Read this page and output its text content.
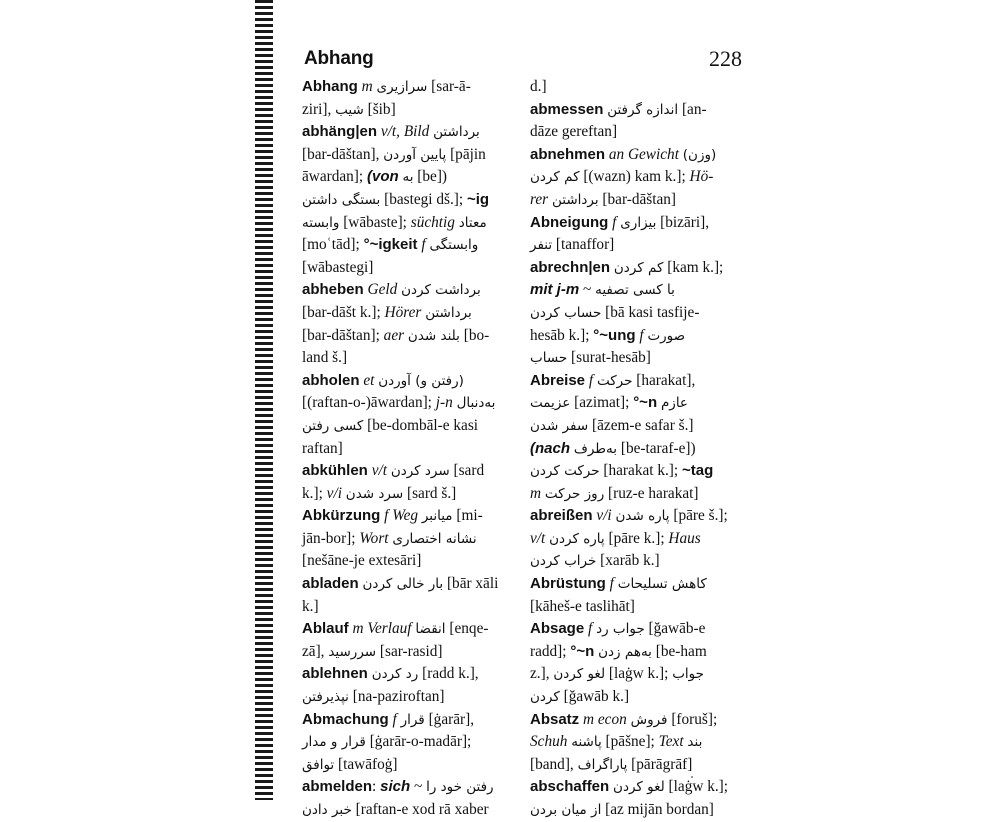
Abhang	228
Abhang m سرازیری [sar-ā-
ziri], شیب [šib]
abhäng|en v/t, Bild برداشتن
[bar-dāštan], پایین آوردن [pājin
āwardan]; (von به [be])
بستگی داشتن [bastegi dš.]; ~ig
وابسته [wābaste]; süchtig معتاد
[moʿtād]; °~igkeit f وابستگی
[wābastegi]
abheben Geld برداشت کردن
[bar-dāšt k.]; Hörer برداشتن
[bar-dāštan]; aer بلند شدن [bo-
land š.]
abholen et (رفتن و) آوردن
[(raftan-o-)āwardan]; j-n به‌دنبال
کسی رفتن [be-dombāl-e kasi
raftan]
abkühlen v/t سرد کردن [sard
k.]; v/i سرد شدن [sard š.]
Abkürzung f Weg میانبر [mi-
jān-bor]; Wort نشانه اختصاری
[nešāne-je extesāri]
abladen بار خالی کردن [bār xāli
k.]
Ablauf m Verlauf انقضا [enqe-
zā], سررسید [sar-rasid]
ablehnen رد کردن [radd k.],
نپذیرفتن [na-paziroftan]
Abmachung f قرار [ġarār],
قرار و مدار [ġarār-o-madār];
توافق [tawāfoġ]
abmelden: sich ~ رفتن خود را
خبر دادن [raftan-e xod rā xaber
d.]
abmessen اندازه گرفتن [an-
dāze gereftan]
abnehmen an Gewicht (وزن)
کم کردن [(wazn) kam k.]; Hö-
rer برداشتن [bar-dāštan]
Abneigung f بیزاری [bizāri],
تنفر [tanaffor]
abrechn|en کم کردن [kam k.];
mit j-m ~ با کسی تصفیه
حساب کردن [bā kasi tasfije-
hesāb k.]; °~ung f صورت
حساب [surat-hesāb]
Abreise f حرکت [harakat],
عزیمت [azimat]; °~n عازم
سفر شدن [āzem-e safar š.]
(nach به‌طرف [be-taraf-e])
حرکت کردن [harakat k.]; ~tag
m روز حرکت [ruz-e harakat]
abreißen v/i پاره شدن [pāre š.];
v/t پاره کردن [pāre k.]; Haus
خراب کردن [xarāb k.]
Abrüstung f کاهش تسلیحات
[kāheš-e taslihāt]
Absage f جواب رد [ğawāb-e
radd]; °~n به‌هم زدن [be-ham
z.], لغو کردن [laġw k.]; جواب
کردن [ğawāb k.]
Absatz m econ فروش [foruš];
Schuh پاشنه [pāšne]; Text بند
[band], پاراگراف [pārāgrāf]
abschaffen لغو کردن [laġw k.];
از میان بردن [az mijān bordan]
